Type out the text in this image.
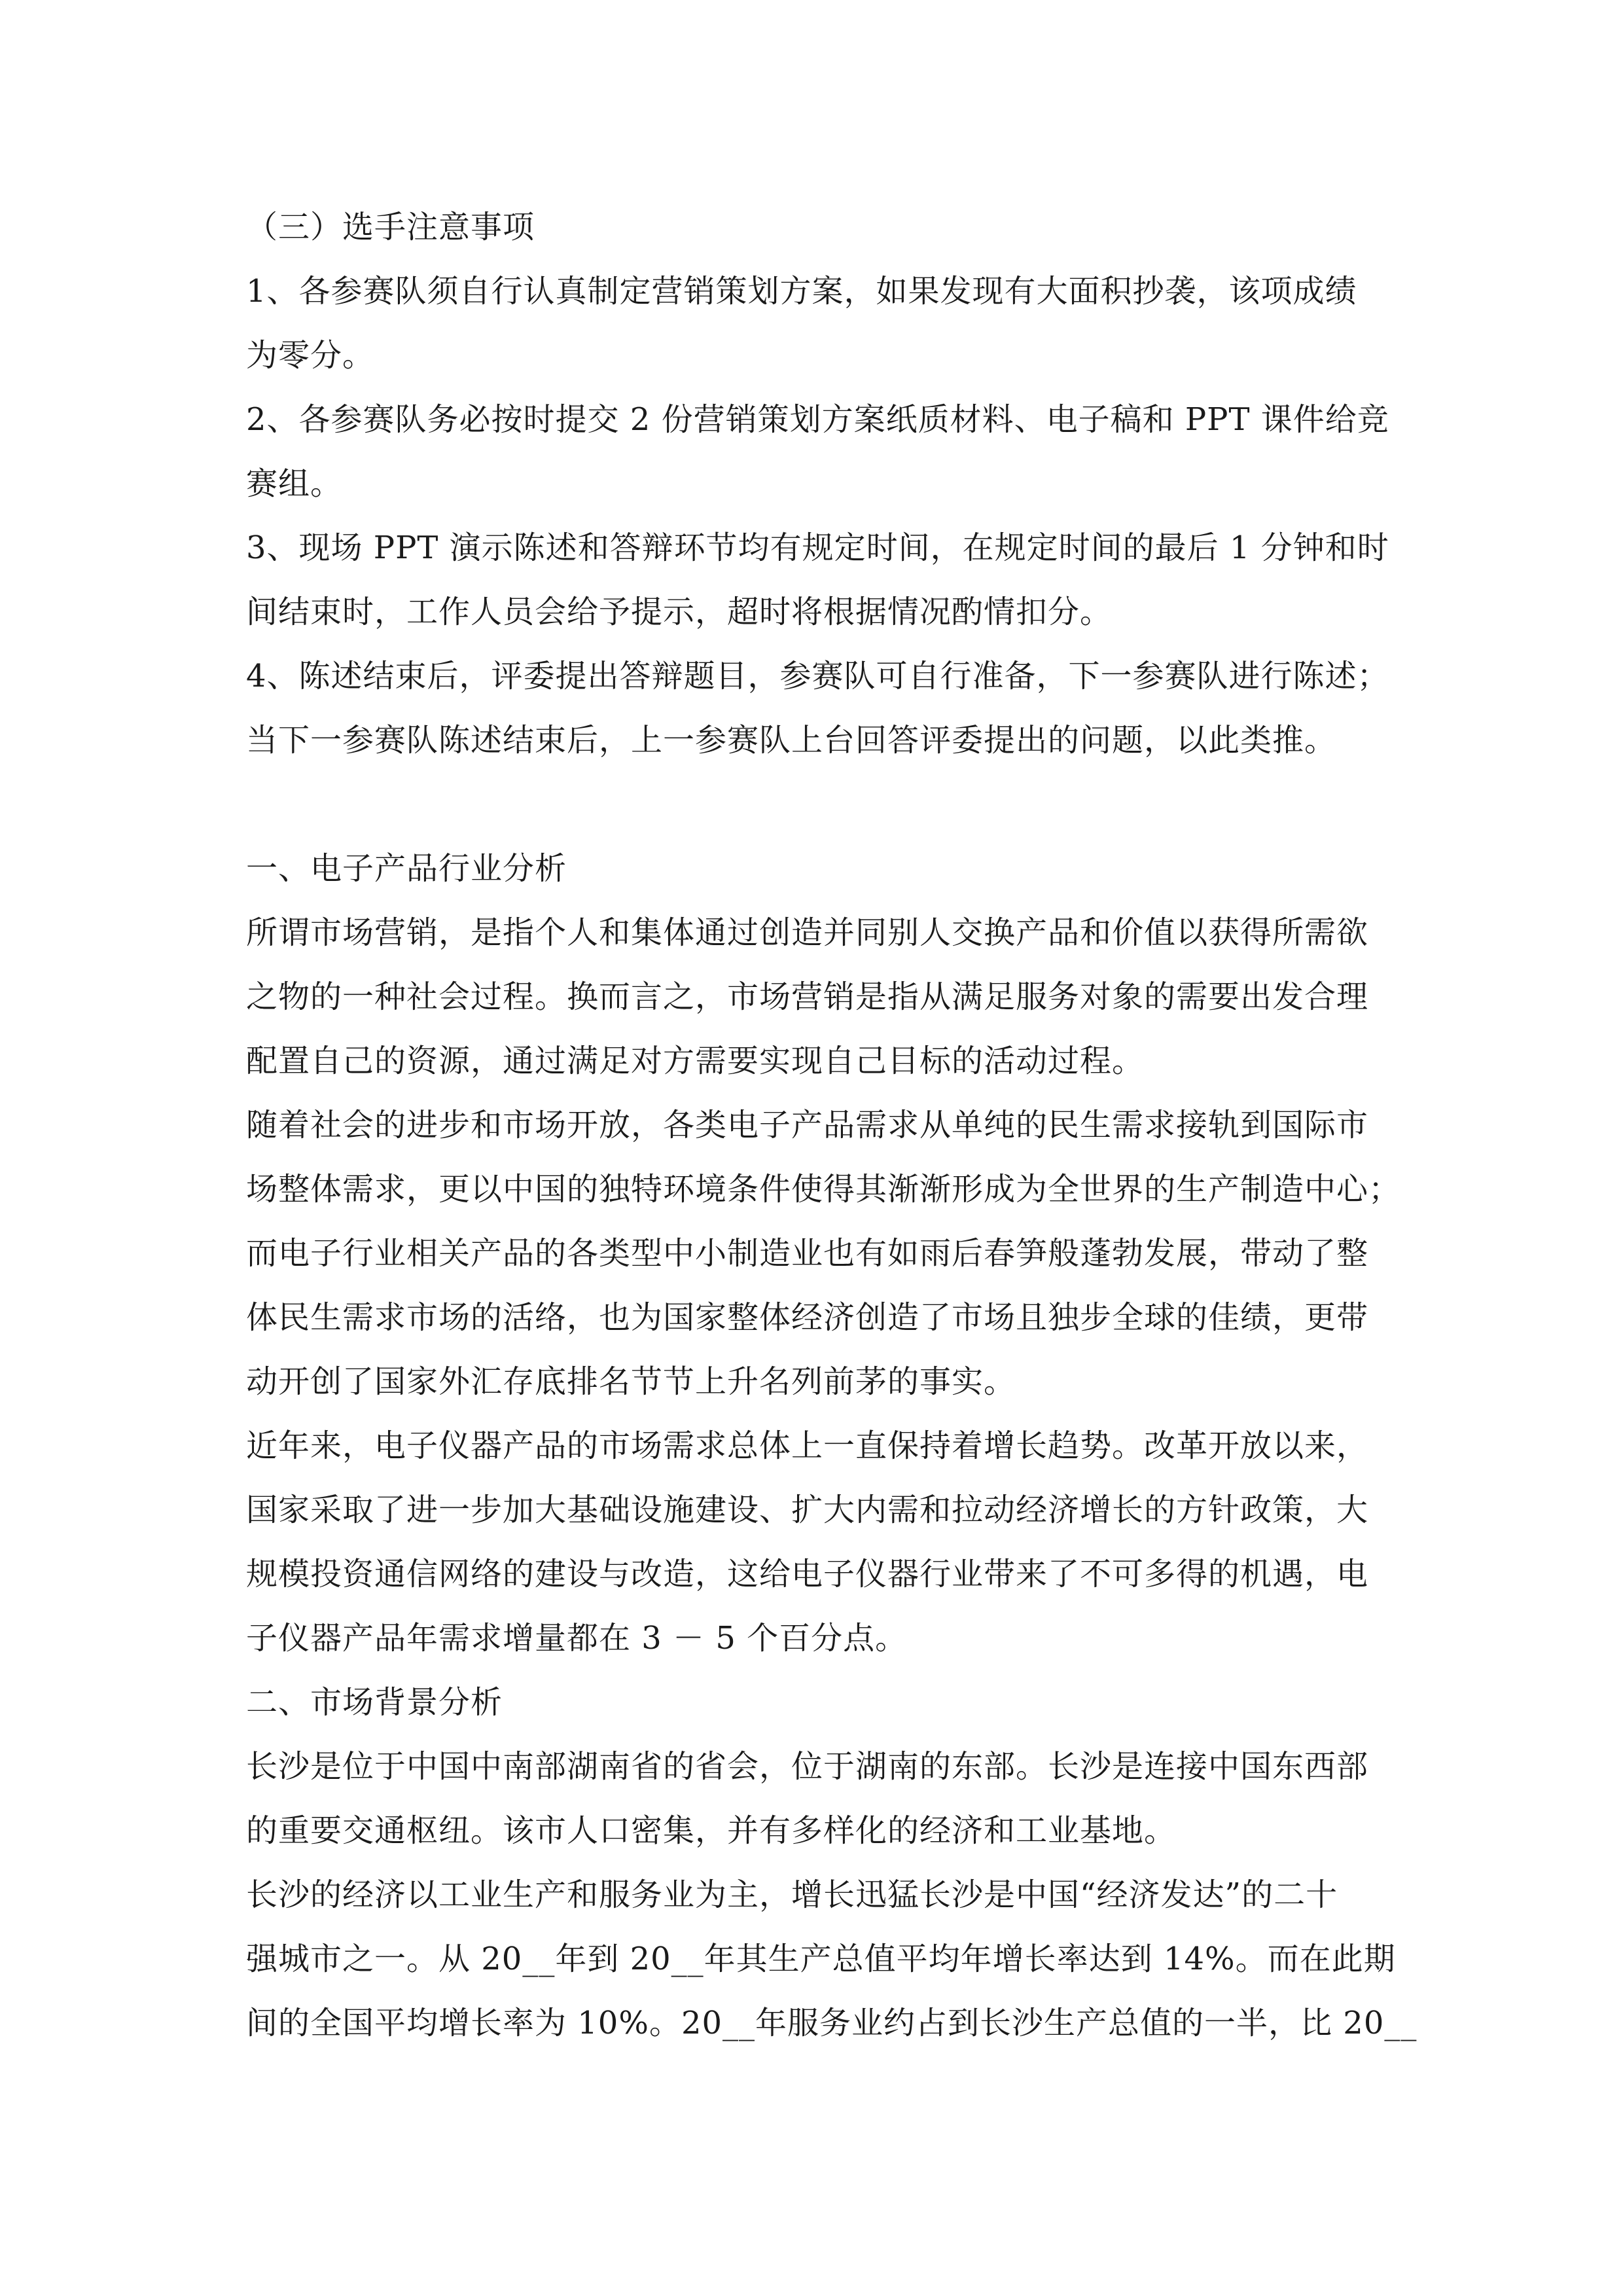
（三）选手注意事项
1、各参赛队须自行认真制定营销策划方案，如果发现有大面积抄袭，该项成绩
为零分。
2、各参赛队务必按时提交 2 份营销策划方案纸质材料、电子稿和 PPT 课件给竞
赛组。
3、现场 PPT 演示陈述和答辩环节均有规定时间，在规定时间的最后 1 分钟和时
间结束时，工作人员会给予提示，超时将根据情况酌情扣分。
4、陈述结束后，评委提出答辩题目，参赛队可自行准备，下一参赛队进行陈述；
当下一参赛队陈述结束后，上一参赛队上台回答评委提出的问题，以此类推。
一、电子产品行业分析
所谓市场营销，是指个人和集体通过创造并同别人交换产品和价值以获得所需欲
之物的一种社会过程。换而言之，市场营销是指从满足服务对象的需要出发合理
配置自己的资源，通过满足对方需要实现自己目标的活动过程。
随着社会的进步和市场开放，各类电子产品需求从单纯的民生需求接轨到国际市
场整体需求，更以中国的独特环境条件使得其渐渐形成为全世界的生产制造中心；
而电子行业相关产品的各类型中小制造业也有如雨后春笋般蓬勃发展，带动了整
体民生需求市场的活络，也为国家整体经济创造了市场且独步全球的佳绩，更带
动开创了国家外汇存底排名节节上升名列前茅的事实。
近年来，电子仪器产品的市场需求总体上一直保持着增长趋势。改革开放以来，
国家采取了进一步加大基础设施建设、扩大内需和拉动经济增长的方针政策，大
规模投资通信网络的建设与改造，这给电子仪器行业带来了不可多得的机遇，电
子仪器产品年需求增量都在 3 － 5 个百分点。
二、市场背景分析
长沙是位于中国中南部湖南省的省会，位于湖南的东部。长沙是连接中国东西部
的重要交通枢纽。该市人口密集，并有多样化的经济和工业基地。
长沙的经济以工业生产和服务业为主，增长迅猛长沙是中国“经济发达”的二十
强城市之一。从 20__年到 20__年其生产总值平均年增长率达到 14%。而在此期
间的全国平均增长率为 10%。20__年服务业约占到长沙生产总值的一半，比 20__
